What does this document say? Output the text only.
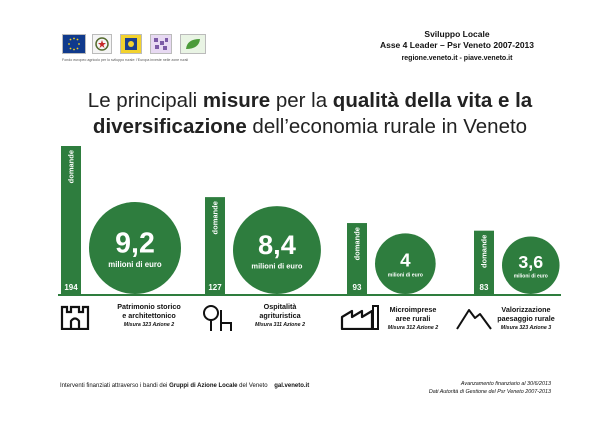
Fondo europeo agricolo per lo sviluppo rurale: l'Europa investe nelle zone rurali
Sviluppo Locale
Asse 4 Leader – Psr Veneto 2007-2013
regione.veneto.it - piave.veneto.it
Le principali misure per la qualità della vita e la
diversificazione dell’economia rurale in Veneto
domande
194
9,2
milioni di euro
domande
127
8,4
milioni di euro
domande
93
4
milioni di euro
domande
83
3,6
milioni di euro
Patrimonio storico
e architettonico
Misura 323 Azione 2
Ospitalità
agrituristica
Misura 311 Azione 2
Microimprese
aree rurali
Misura 312 Azione 2
Valorizzazione
paesaggio rurale
Misura 323 Azione 3
Interventi finanziati attraverso i bandi dei Gruppi di Azione Locale del Veneto gal.veneto.it	Avanzamento finanziario al 30/6/2013
Dati Autorità di Gestione del Psr Veneto 2007-2013
